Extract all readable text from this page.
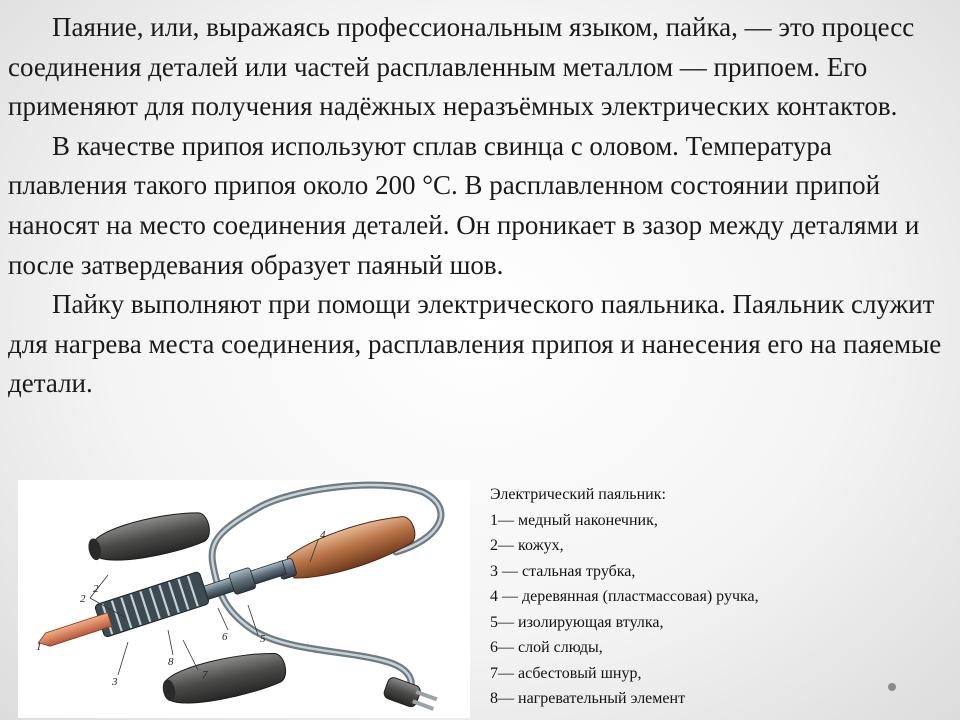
Паяние, или, выражаясь профессиональным языком, пайка, — это процесс соединения деталей или частей расплавленным металлом — припоем. Его применяют для получения надёжных неразъёмных электрических контактов.

В качестве припоя используют сплав свинца с оловом. Температура плавления такого припоя около 200 °С. В расплавленном состоянии припой наносят на место соединения деталей. Он проникает в зазор между деталями и после затвердевания образует паяный шов.

Пайку выполняют при помощи электрического паяльника. Паяльник служит для нагрева места соединения, расплавления припоя и нанесения его на паяемые детали.

4
2
2
1
3
5
6
7
8
Электрический паяльник:
1— медный наконечник,
2— кожух,
3 — стальная трубка,
4 — деревянная (пластмассовая) ручка,
5— изолирующая втулка,
6— слой слюды,
7— асбестовый шнур,
8— нагревательный элемент
